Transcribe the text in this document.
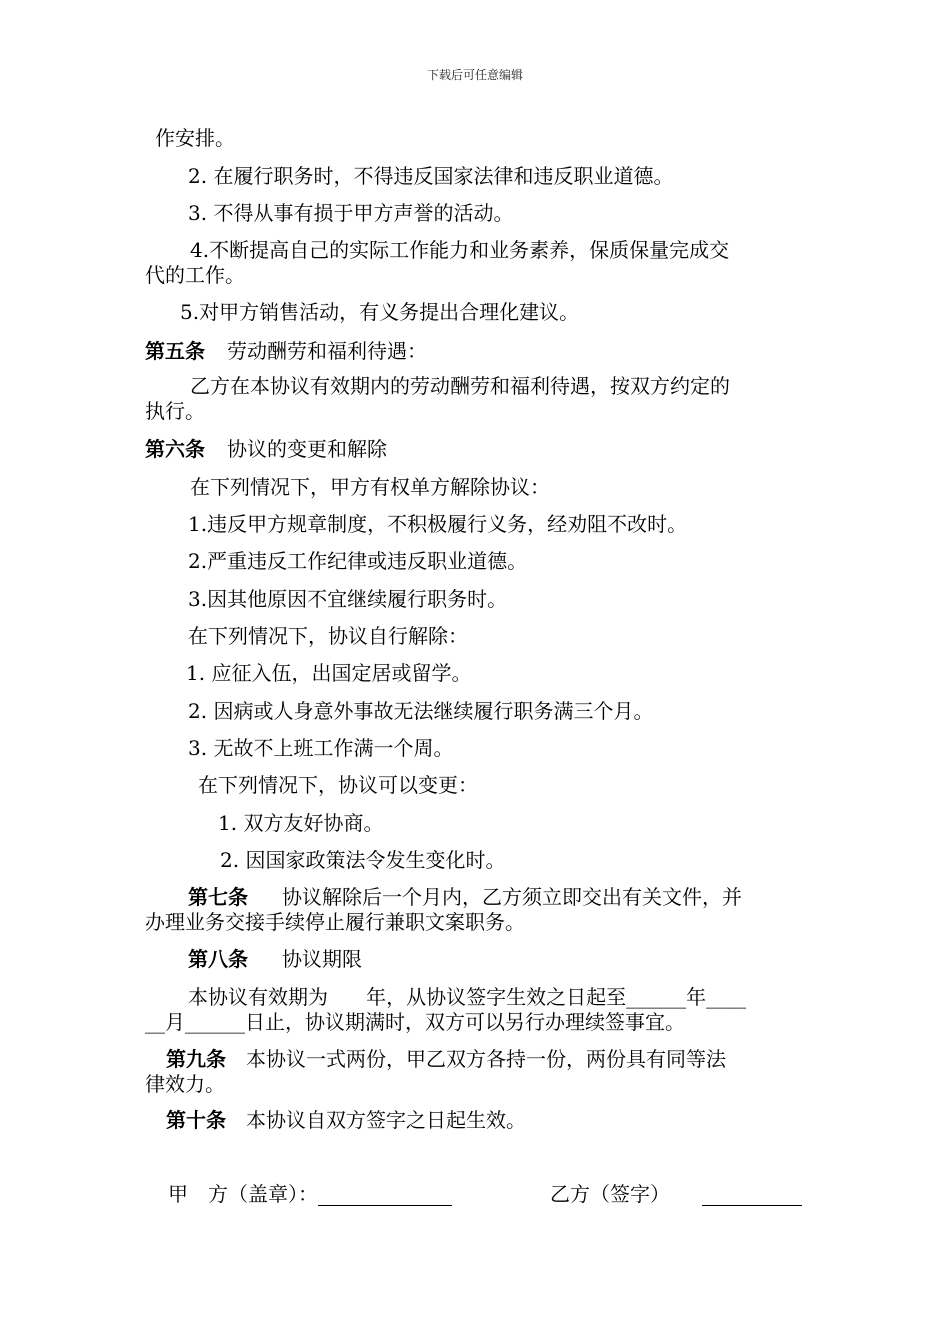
下载后可任意编辑
作安排。
2. 在履行职务时，不得违反国家法律和违反职业道德。
3. 不得从事有损于甲方声誉的活动。
4.不断提高自己的实际工作能力和业务素养，保质保量完成交
代的工作。
5.对甲方销售活动，有义务提出合理化建议。
第五条 劳动酬劳和福利待遇：
乙方在本协议有效期内的劳动酬劳和福利待遇，按双方约定的
执行。
第六条 协议的变更和解除
在下列情况下，甲方有权单方解除协议：
1.违反甲方规章制度，不积极履行义务，经劝阻不改时。
2.严重违反工作纪律或违反职业道德。
3.因其他原因不宜继续履行职务时。
在下列情况下，协议自行解除：
1. 应征入伍，出国定居或留学。
2. 因病或人身意外事故无法继续履行职务满三个月。
3. 无故不上班工作满一个周。
在下列情况下，协议可以变更：
1. 双方友好协商。
2. 因国家政策法令发生变化时。
第七条 协议解除后一个月内，乙方须立即交出有关文件，并
办理业务交接手续停止履行兼职文案职务。
第八条 协议期限
本协议有效期为      年，从协议签字生效之日起至______年____
__月______日止，协议期满时，双方可以另行办理续签事宜。
第九条 本协议一式两份，甲乙双方各持一份，两份具有同等法
律效力。
第十条 本协议自双方签字之日起生效。
甲　方（盖章）：	乙方（签字）
